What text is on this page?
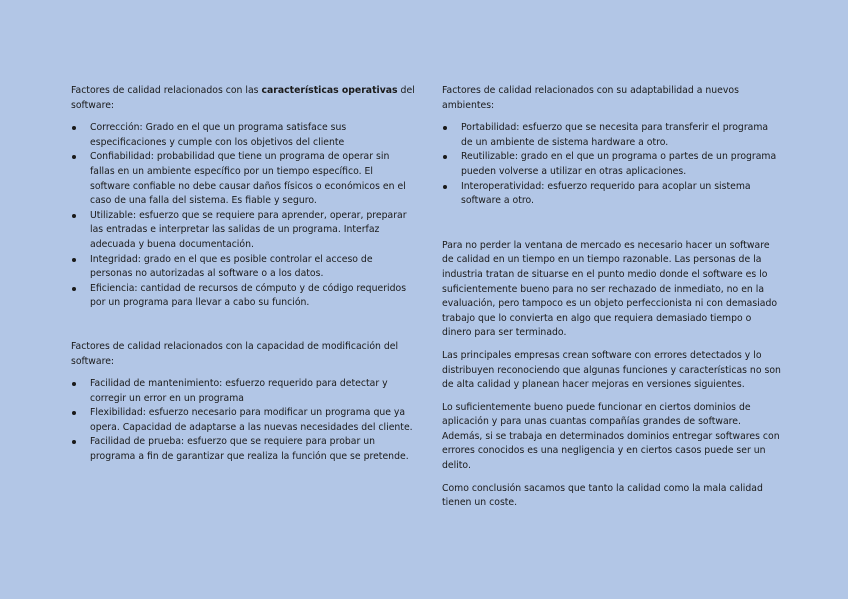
Factores de calidad relacionados con las características operativas del software:

Corrección: Grado en el que un programa satisface sus especificaciones y cumple con los objetivos del cliente
Confiabilidad: probabilidad que tiene un programa de operar sin fallas en un ambiente específico por un tiempo específico. El software confiable no debe causar daños físicos o económicos en el caso de una falla del sistema. Es fiable y seguro.
Utilizable: esfuerzo que se requiere para aprender, operar, preparar las entradas e interpretar las salidas de un programa. Interfaz adecuada y buena documentación.
Integridad: grado en el que es posible controlar el acceso de personas no autorizadas al software o a los datos.
Eficiencia: cantidad de recursos de cómputo y de código requeridos por un programa para llevar a cabo su función.

Factores de calidad relacionados con la capacidad de modificación del software:

Facilidad de mantenimiento: esfuerzo requerido para detectar y corregir un error en un programa
Flexibilidad: esfuerzo necesario para modificar un programa que ya opera. Capacidad de adaptarse a las nuevas necesidades del cliente.
Facilidad de prueba: esfuerzo que se requiere para probar un programa a fin de garantizar que realiza la función que se pretende.

Factores de calidad relacionados con su adaptabilidad a nuevos ambientes:

Portabilidad: esfuerzo que se necesita para transferir el programa de un ambiente de sistema hardware a otro.
Reutilizable: grado en el que un programa o partes de un programa pueden volverse a utilizar en otras aplicaciones.
Interoperatividad: esfuerzo requerido para acoplar un sistema software a otro.

Para no perder la ventana de mercado es necesario hacer un software de calidad en un tiempo en un tiempo razonable. Las personas de la industria tratan de situarse en el punto medio donde el software es lo suficientemente bueno para no ser rechazado de inmediato, no en la evaluación, pero tampoco es un objeto perfeccionista ni con demasiado trabajo que lo convierta en algo que requiera demasiado tiempo o dinero para ser terminado.

Las principales empresas crean software con errores detectados y lo distribuyen reconociendo que algunas funciones y características no son de alta calidad y planean hacer mejoras en versiones siguientes.

Lo suficientemente bueno puede funcionar en ciertos dominios de aplicación y para unas cuantas compañías grandes de software. Además, si se trabaja en determinados dominios entregar softwares con errores conocidos es una negligencia y en ciertos casos puede ser un delito.

Como conclusión sacamos que tanto la calidad como la mala calidad tienen un coste.
